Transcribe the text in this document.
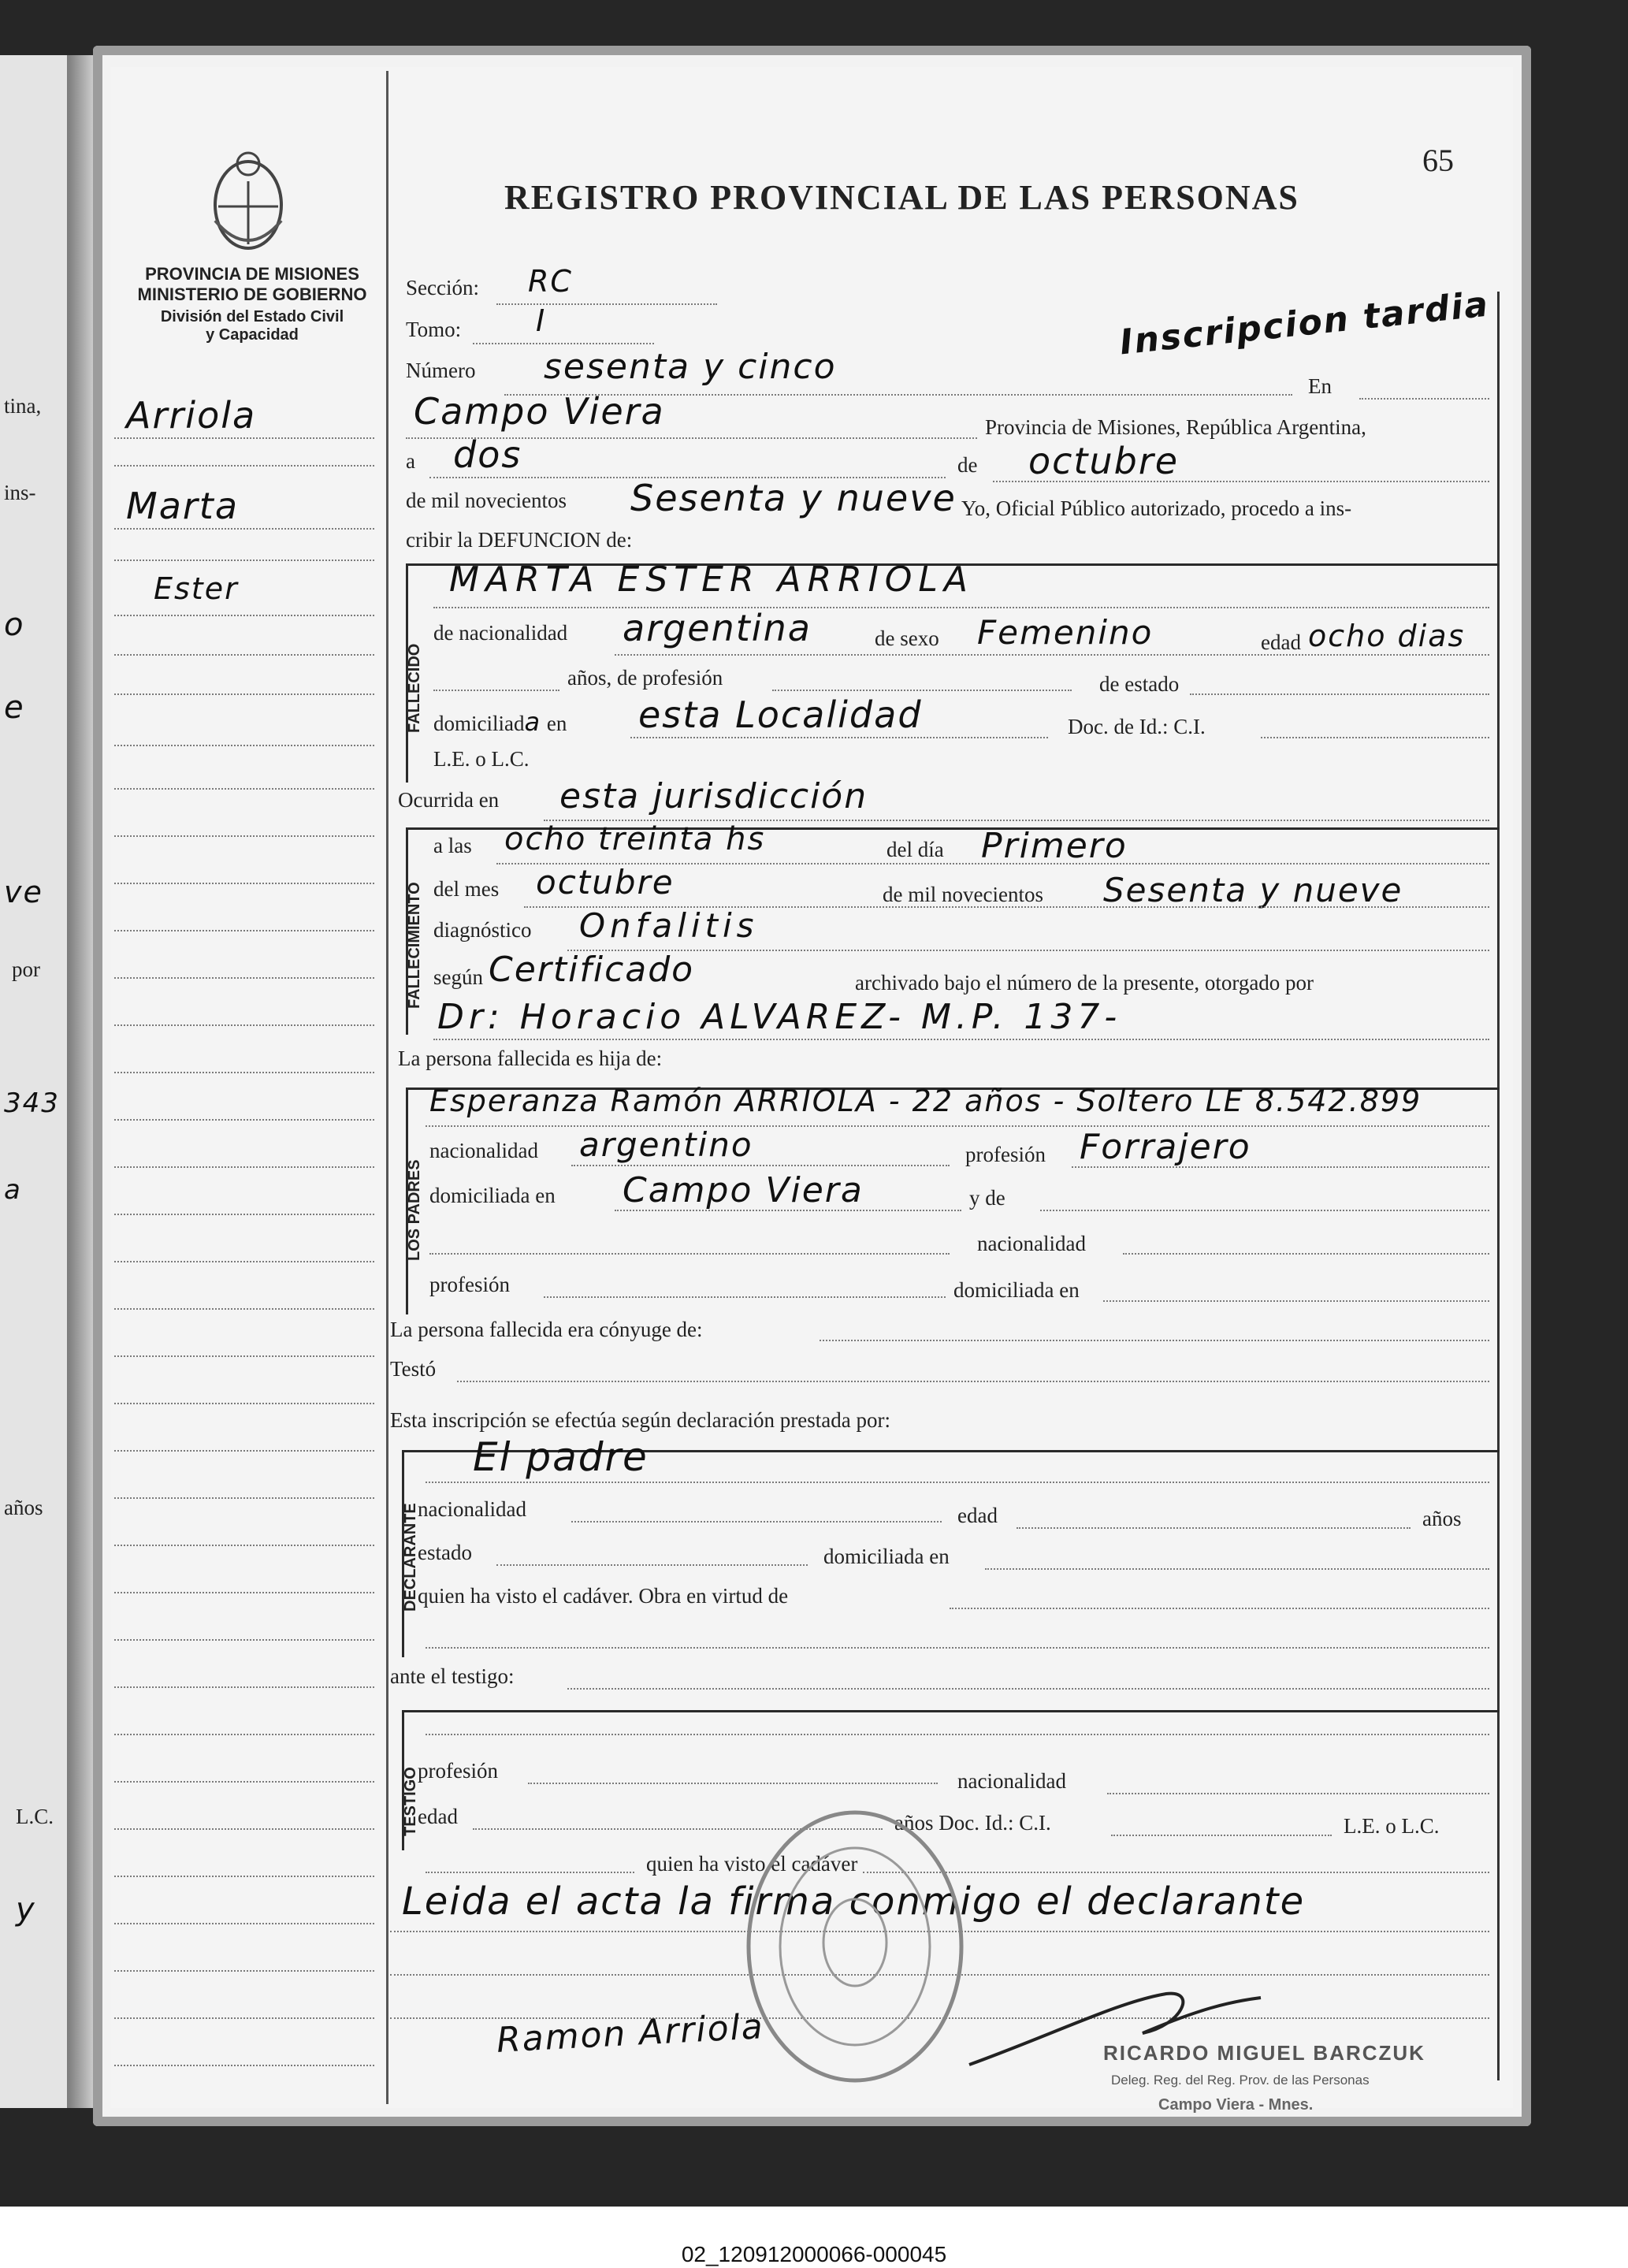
tina,
ins-
o
e
ve
por
343
a
años
L.C.
y
65
REGISTRO PROVINCIAL DE LAS PERSONAS
PROVINCIA DE MISIONES
MINISTERIO DE GOBIERNO
División del Estado Civil
y Capacidad
Arriola
Marta
Ester
Inscripcion tardia
Sección: RC
Tomo: I
Número sesenta y cinco	En
Campo Viera	Provincia de Misiones, República Argentina,
a dos	de octubre
de mil novecientos Sesenta y nueve Yo, Oficial Público autorizado, procedo a ins-
cribir la DEFUNCION de:
FALLECIDO
MARTA ESTER ARRIOLA
de nacionalidad argentina	de sexo Femenino	edad ocho dias
años, de profesión	de estado
domiciliada en esta Localidad	Doc. de Id.: C.I.
L.E. o L.C.
Ocurrida en esta jurisdicción
FALLECIMIENTO
a las ocho treinta hs	del día Primero
del mes octubre	de mil novecientos Sesenta y nueve
diagnóstico Onfalitis
según Certificado	archivado bajo el número de la presente, otorgado por
Dr: Horacio ALVAREZ- M.P. 137-
La persona fallecida es hija de:
LOS PADRES
Esperanza Ramón ARRIOLA - 22 años - Soltero LE 8.542.899
nacionalidad argentino	profesión Forrajero
domiciliada en Campo Viera	y de
nacionalidad
profesión	domiciliada en
La persona fallecida era cónyuge de:
Testó
Esta inscripción se efectúa según declaración prestada por:
DECLARANTE
El padre
nacionalidad	edad	años
estado	domiciliada en
quien ha visto el cadáver. Obra en virtud de
ante el testigo:
TESTIGO
profesión	nacionalidad
edad	años Doc. Id.: C.I.	L.E. o L.C.
quien ha visto el cadáver
Leida el acta la firma conmigo el declarante
Ramon Arriola	RICARDO MIGUEL BARCZUK
Deleg. Reg. del Reg. Prov. de las Personas
Campo Viera - Mnes.
02_120912000066-000045
